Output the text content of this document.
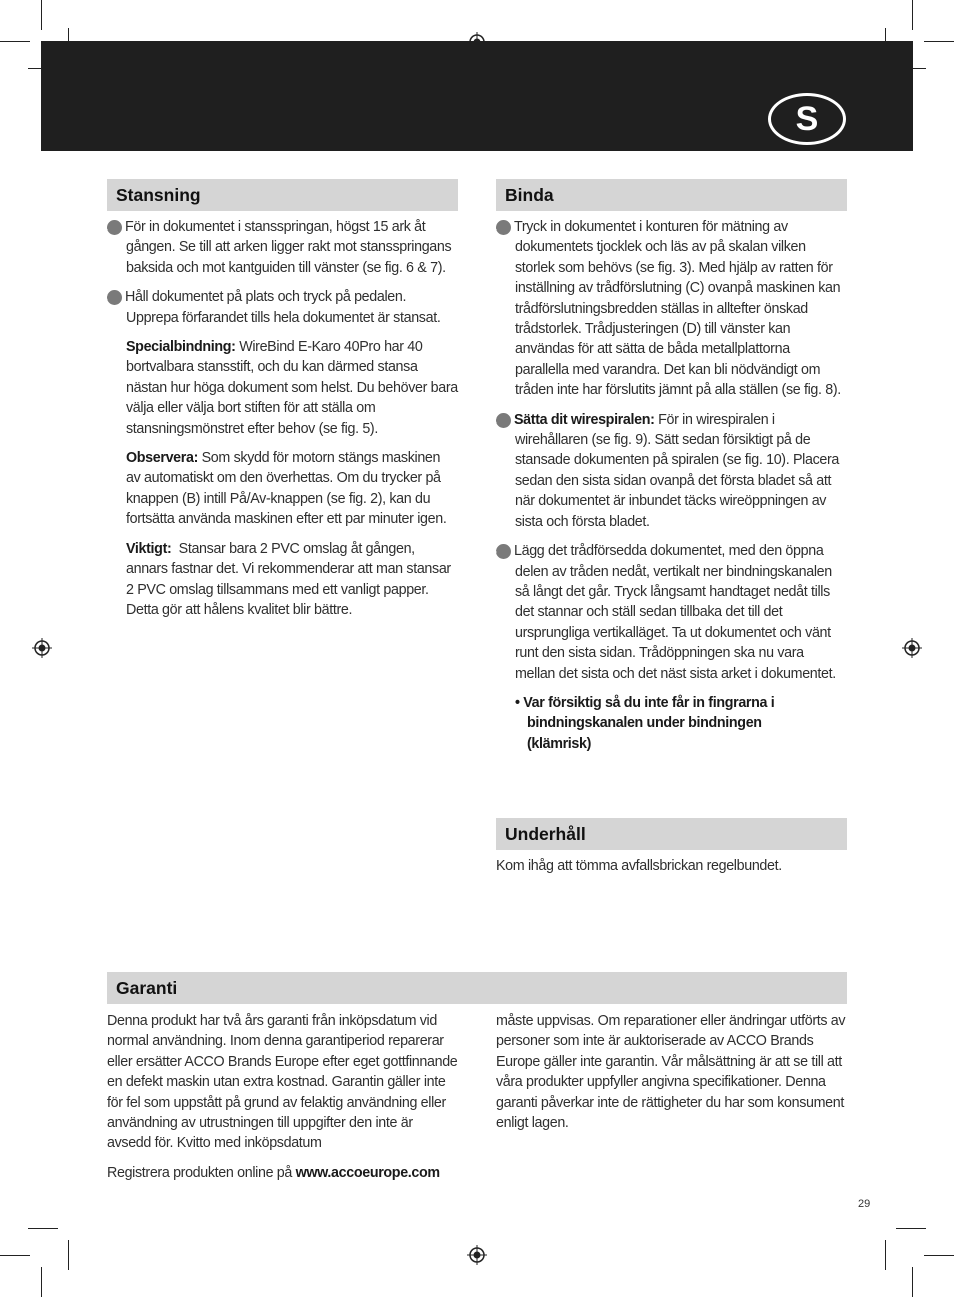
S
Stansning

1 För in dokumentet i stansspringan, högst 15 ark åt gången. Se till att arken ligger rakt mot stansspringans baksida och mot kantguiden till vänster (se fig. 6 & 7).

2 Håll dokumentet på plats och tryck på pedalen. Upprepa förfarandet tills hela dokumentet är stansat.

Specialbindning: WireBind E-Karo 40Pro har 40 bortvalbara stansstift, och du kan därmed stansa nästan hur höga dokument som helst. Du behöver bara välja eller välja bort stiften för att ställa om stansningsmönstret efter behov (se fig. 5).

Observera: Som skydd för motorn stängs maskinen av automatiskt om den överhettas. Om du trycker på knappen (B) intill På/Av-knappen (se fig. 2), kan du fortsätta använda maskinen efter ett par minuter igen.

Viktigt: Stansar bara 2 PVC omslag åt gången, annars fastnar det. Vi rekommenderar att man stansar 2 PVC omslag tillsammans med ett vanligt papper. Detta gör att hålens kvalitet blir bättre.

Binda

1 Tryck in dokumentet i konturen för mätning av dokumentets tjocklek och läs av på skalan vilken storlek som behövs (se fig. 3). Med hjälp av ratten för inställning av trådförslutning (C) ovanpå maskinen kan trådförslutningsbredden ställas in alltefter önskad trådstorlek. Trådjusteringen (D) till vänster kan användas för att sätta de båda metallplattorna parallella med varandra. Det kan bli nödvändigt om tråden inte har förslutits jämnt på alla ställen (se fig. 8).

2 Sätta dit wirespiralen: För in wirespiralen i wirehållaren (se fig. 9). Sätt sedan försiktigt på de stansade dokumenten på spiralen (se fig. 10). Placera sedan den sista sidan ovanpå det första bladet så att när dokumentet är inbundet täcks wireöppningen av sista och första bladet.

3 Lägg det trådförsedda dokumentet, med den öppna delen av tråden nedåt, vertikalt ner bindningskanalen så långt det går. Tryck långsamt handtaget nedåt tills det stannar och ställ sedan tillbaka det till det ursprungliga vertikalläget. Ta ut dokumentet och vänt runt den sista sidan. Trådöppningen ska nu vara mellan det sista och det näst sista arket i dokumentet.

• Var försiktig så du inte får in fingrarna i bindningskanalen under bindningen (klämrisk)

Underhåll

Kom ihåg att tömma avfallsbrickan regelbundet.

Garanti

Denna produkt har två års garanti från inköpsdatum vid normal användning. Inom denna garantiperiod reparerar eller ersätter ACCO Brands Europe efter eget gottfinnande en defekt maskin utan extra kostnad. Garantin gäller inte för fel som uppstått på grund av felaktig användning eller användning av utrustningen till uppgifter den inte är avsedd för. Kvitto med inköpsdatum

Registrera produkten online på www.accoeurope.com

måste uppvisas. Om reparationer eller ändringar utförts av personer som inte är auktoriserade av ACCO Brands Europe gäller inte garantin. Vår målsättning är att se till att våra produkter uppfyller angivna specifikationer. Denna garanti påverkar inte de rättigheter du har som konsument enligt lagen.

29
